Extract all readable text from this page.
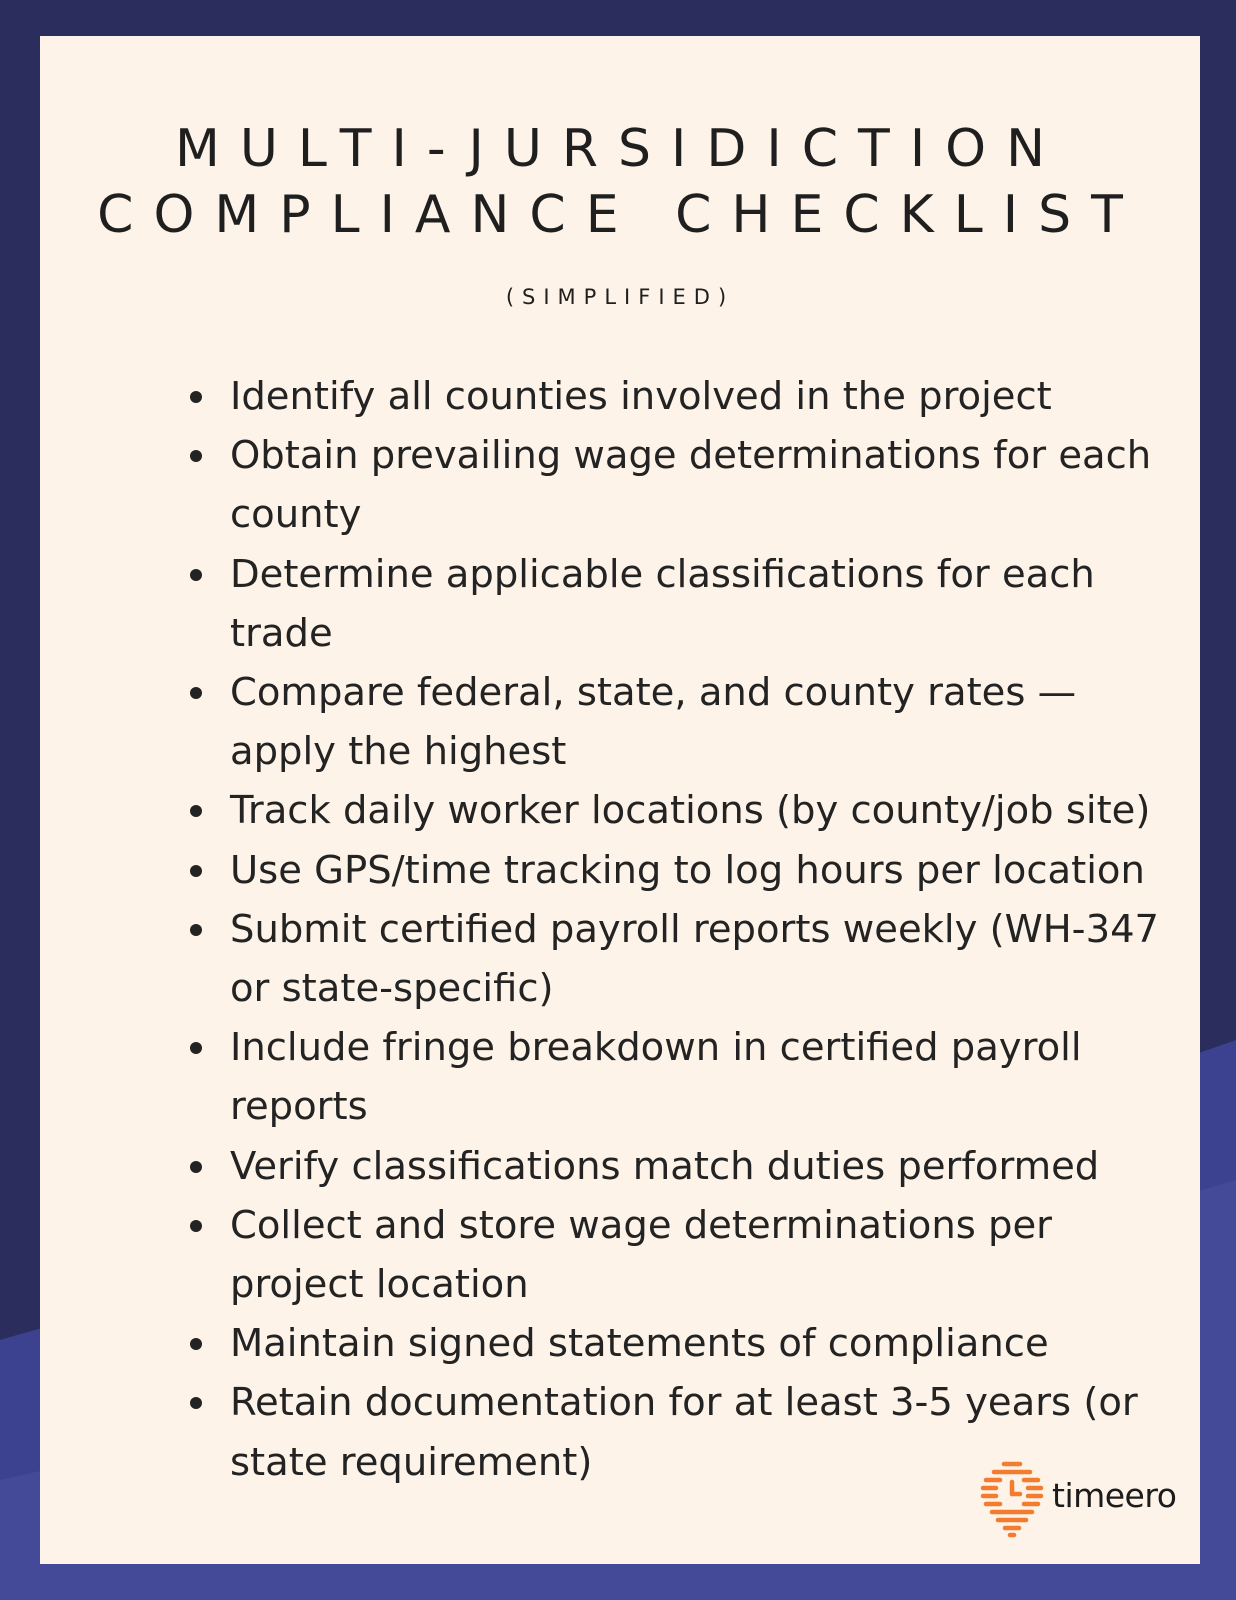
MULTI-JURSIDICTION
COMPLIANCE CHECKLIST
(SIMPLIFIED)
Identify all counties involved in the project
Obtain prevailing wage determinations for each county
Determine applicable classifications for each trade
Compare federal, state, and county rates — apply the highest
Track daily worker locations (by county/job site)
Use GPS/time tracking to log hours per location
Submit certified payroll reports weekly (WH-347 or state-specific)
Include fringe breakdown in certified payroll reports
Verify classifications match duties performed
Collect and store wage determinations per project location
Maintain signed statements of compliance
Retain documentation for at least 3-5 years (or state requirement)
timeero
